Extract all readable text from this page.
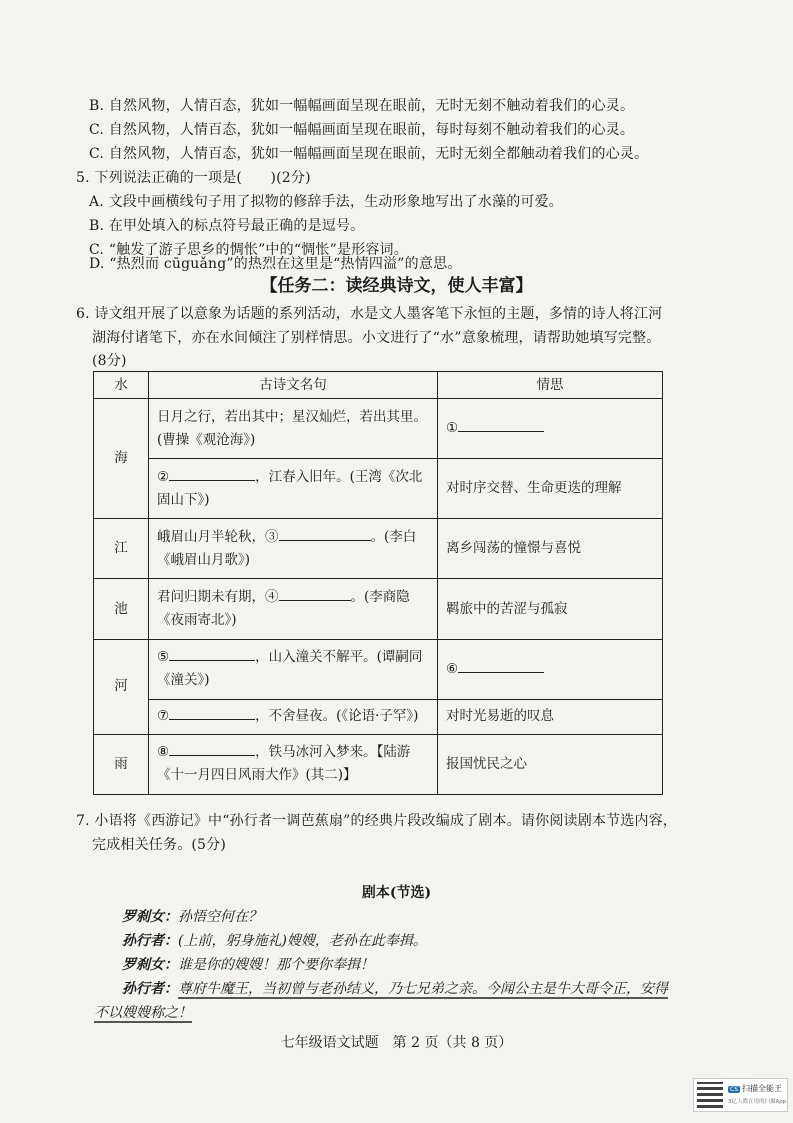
B. 自然风物，人情百态，犹如一幅幅画面呈现在眼前，无时无刻不触动着我们的心灵。
C. 自然风物，人情百态，犹如一幅幅画面呈现在眼前，每时每刻不触动着我们的心灵。
C. 自然风物，人情百态，犹如一幅幅画面呈现在眼前，无时无刻全都触动着我们的心灵。
5. 下列说法正确的一项是(　　)(2分)
A. 文段中画横线句子用了拟物的修辞手法，生动形象地写出了水藻的可爱。
B. 在甲处填入的标点符号最正确的是逗号。
C. “触发了游子思乡的惆怅”中的“惆怅”是形容词。
D. “热烈而 cūguǎng”的热烈在这里是“热情四溢”的意思。
【任务二：读经典诗文，使人丰富】
6. 诗文组开展了以意象为话题的系列活动，水是文人墨客笔下永恒的主题，多情的诗人将江河
湖海付诸笔下，亦在水间倾注了别样情思。小文进行了“水”意象梳理，请帮助她填写完整。
(8分)
水	古诗文名句	情思
海	日月之行，若出其中；星汉灿烂，若出其里。(曹操《观沧海》)	①
	② ，江春入旧年。(王湾《次北固山下》)	对时序交替、生命更迭的理解
江	峨眉山月半轮秋，③ 。(李白《峨眉山月歌》)	离乡闯荡的憧憬与喜悦
池	君问归期未有期，④ 。(李商隐《夜雨寄北》)	羁旅中的苦涩与孤寂
河	⑤ ，山入潼关不解平。(谭嗣同《潼关》)	⑥
	⑦ ，不舍昼夜。(《论语·子罕》)	对时光易逝的叹息
雨	⑧ ，铁马冰河入梦来。【陆游《十一月四日风雨大作》(其二)】	报国忧民之心
7. 小语将《西游记》中“孙行者一调芭蕉扇”的经典片段改编成了剧本。请你阅读剧本节选内容，
完成相关任务。(5分)
剧本(节选)
罗刹女：孙悟空何在？
孙行者：(上前，躬身施礼)嫂嫂，老孙在此奉揖。
罗刹女：谁是你的嫂嫂！那个要你奉揖！
孙行者：尊府牛魔王，当初曾与老孙结义，乃七兄弟之亲。今闻公主是牛大哥令正，安得
不以嫂嫂称之！
七年级语文试题　第 2 页（共 8 页）
CS 扫描全能王
3亿人都在用的扫描App
